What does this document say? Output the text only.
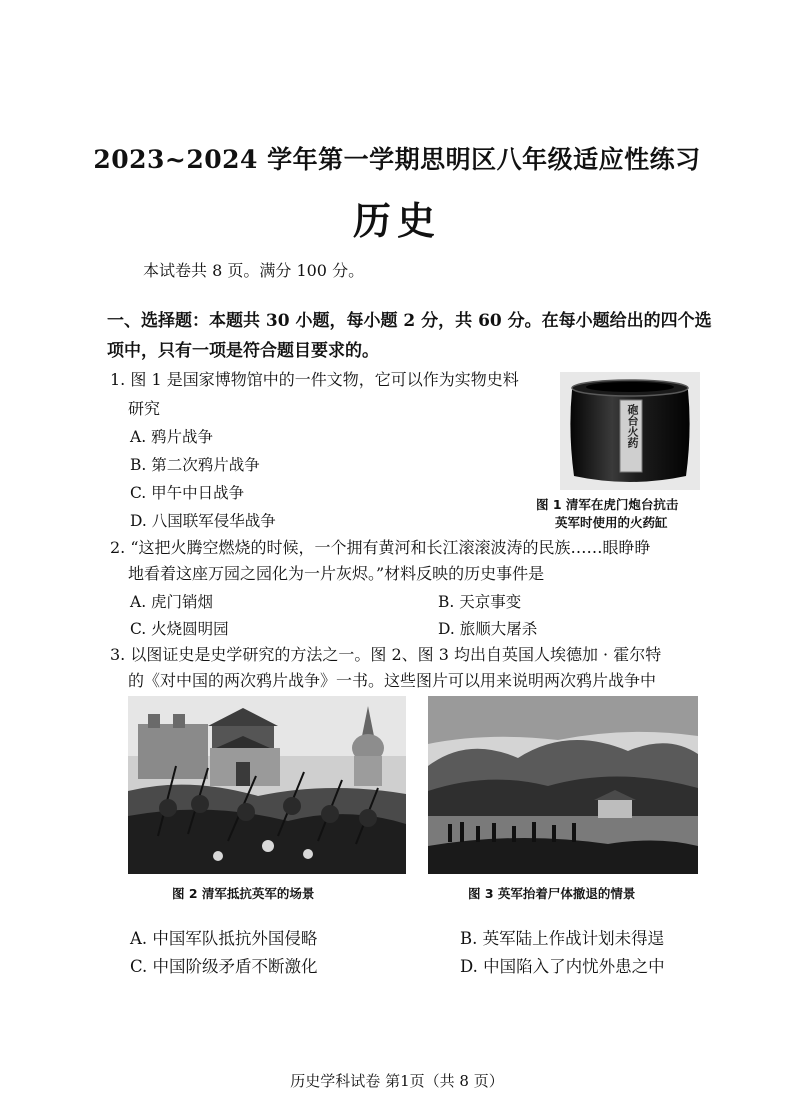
2023~2024 学年第一学期思明区八年级适应性练习
历史
本试卷共 8 页。满分 100 分。
一、选择题：本题共 30 小题，每小题 2 分，共 60 分。在每小题给出的四个选
项中，只有一项是符合题目要求的。
1. 图 1 是国家博物馆中的一件文物，它可以作为实物史料
研究
A. 鸦片战争
B. 第二次鸦片战争
C. 甲午中日战争
D. 八国联军侵华战争
砲台火药
图 1 清军在虎门炮台抗击
英军时使用的火药缸
2. “这把火腾空燃烧的时候，一个拥有黄河和长江滚滚波涛的民族……眼睁睁
地看着这座万园之园化为一片灰烬。”材料反映的历史事件是
A. 虎门销烟	B. 天京事变
C. 火烧圆明园	D. 旅顺大屠杀
3. 以图证史是史学研究的方法之一。图 2、图 3 均出自英国人埃德加 · 霍尔特
的《对中国的两次鸦片战争》一书。这些图片可以用来说明两次鸦片战争中
图 2 清军抵抗英军的场景	图 3 英军抬着尸体撤退的情景
A. 中国军队抵抗外国侵略	B. 英军陆上作战计划未得逞
C. 中国阶级矛盾不断激化	D. 中国陷入了内忧外患之中
历史学科试卷 第1页（共 8 页）
